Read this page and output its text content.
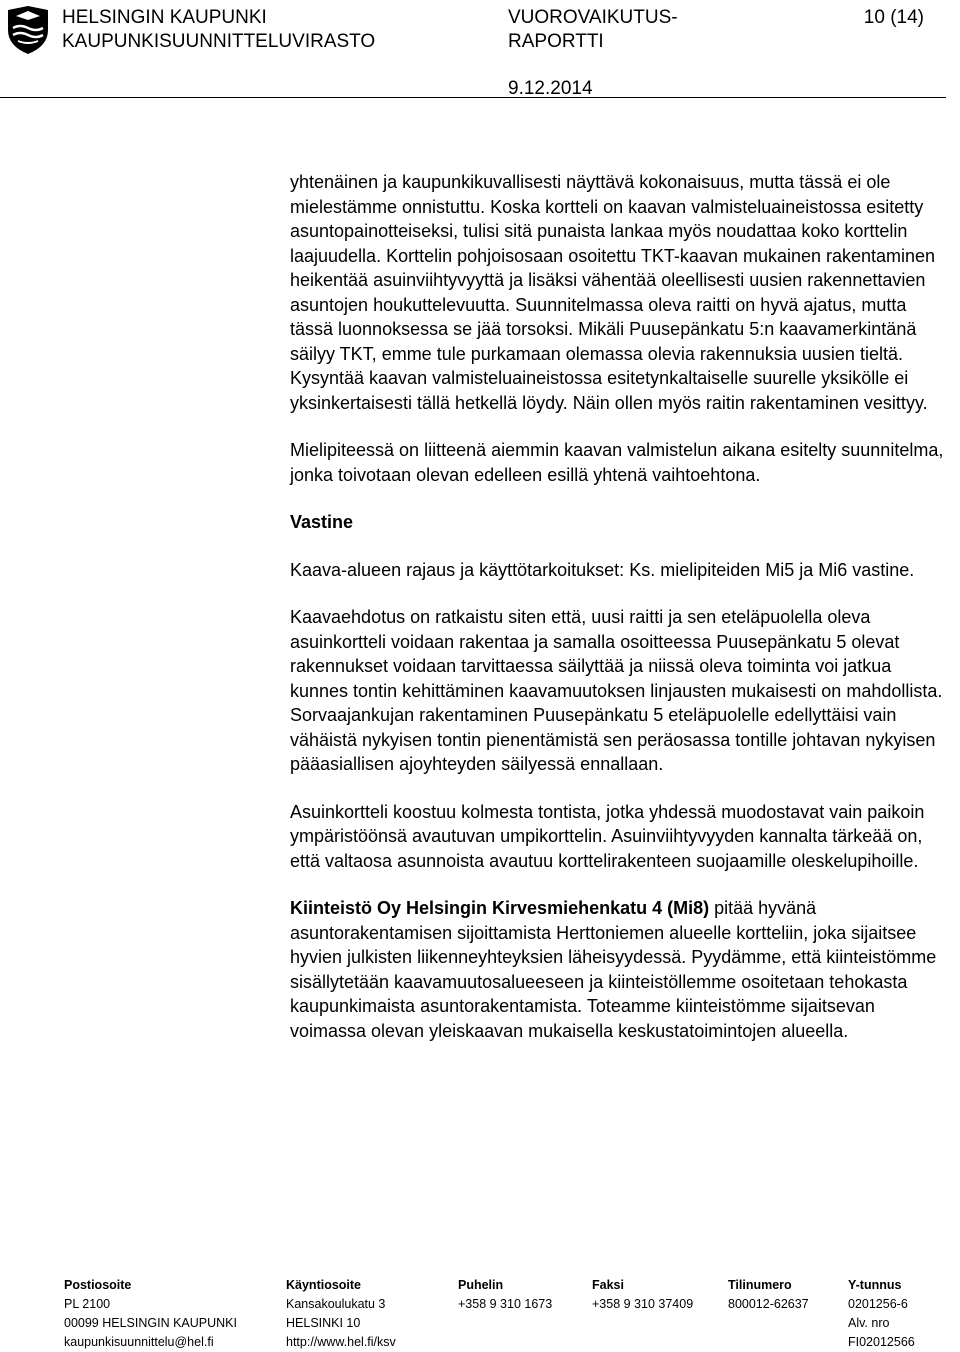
HELSINGIN KAUPUNKI
KAUPUNKISUUNNITTELUVIRASTO
VUOROVAIKUTUS-
RAPORTTI
10 (14)
9.12.2014

yhtenäinen ja kaupunkikuvallisesti näyttävä kokonaisuus, mutta tässä ei ole mielestämme onnistuttu. Koska kortteli on kaavan valmisteluaineistossa esitetty asuntopainotteiseksi, tulisi sitä punaista lankaa myös noudattaa koko korttelin laajuudella. Korttelin pohjoisosaan osoitettu TKT-kaavan mukainen rakentaminen heikentää asuinviihtyvyyttä ja lisäksi vähentää oleellisesti uusien rakennettavien asuntojen houkuttelevuutta. Suunnitelmassa oleva raitti on hyvä ajatus, mutta tässä luonnoksessa se jää torsoksi. Mikäli Puusepänkatu 5:n kaavamerkintänä säilyy TKT, emme tule purkamaan olemassa olevia rakennuksia uusien tieltä. Kysyntää kaavan valmisteluaineistossa esitetynkaltaiselle suurelle yksikölle ei yksinkertaisesti tällä hetkellä löydy. Näin ollen myös raitin rakentaminen vesittyy.

Mielipiteessä on liitteenä aiemmin kaavan valmistelun aikana esitelty suunnitelma, jonka toivotaan olevan edelleen esillä yhtenä vaihtoehtona.

Vastine

Kaava-alueen rajaus ja käyttötarkoitukset: Ks. mielipiteiden Mi5 ja Mi6 vastine.

Kaavaehdotus on ratkaistu siten että, uusi raitti ja sen eteläpuolella oleva asuinkortteli voidaan rakentaa ja samalla osoitteessa Puusepänkatu 5 olevat rakennukset voidaan tarvittaessa säilyttää ja niissä oleva toiminta voi jatkua kunnes tontin kehittäminen kaavamuutoksen linjausten mukaisesti on mahdollista. Sorvaajankujan rakentaminen Puusepänkatu 5 eteläpuolelle edellyttäisi vain vähäistä nykyisen tontin pienentämistä sen peräosassa tontille johtavan nykyisen pääasiallisen ajoyhteyden säilyessä ennallaan.

Asuinkortteli koostuu kolmesta tontista, jotka yhdessä muodostavat vain paikoin ympäristöönsä avautuvan umpikorttelin. Asuinviihtyvyyden kannalta tärkeää on, että valtaosa asunnoista avautuu korttelirakenteen suojaamille oleskelupihoille.

Kiinteistö Oy Helsingin Kirvesmiehenkatu 4 (Mi8) pitää hyvänä asuntorakentamisen sijoittamista Herttoniemen alueelle kortteliin, joka sijaitsee hyvien julkisten liikenneyhteyksien läheisyydessä. Pyydämme, että kiinteistömme sisällytetään kaavamuutosalueeseen ja kiinteistöllemme osoitetaan tehokasta kaupunkimaista asuntorakentamista. Toteamme kiinteistömme sijaitsevan voimassa olevan yleiskaavan mukaisella keskustatoimintojen alueella.

Postiosoite
PL 2100
00099 HELSINGIN KAUPUNKI
kaupunkisuunnittelu@hel.fi
Käyntiosoite
Kansakoulukatu 3
HELSINKI 10
http://www.hel.fi/ksv
Puhelin
+358 9 310 1673
Faksi
+358 9 310 37409
Tilinumero
800012-62637
Y-tunnus
0201256-6
Alv. nro
FI02012566
